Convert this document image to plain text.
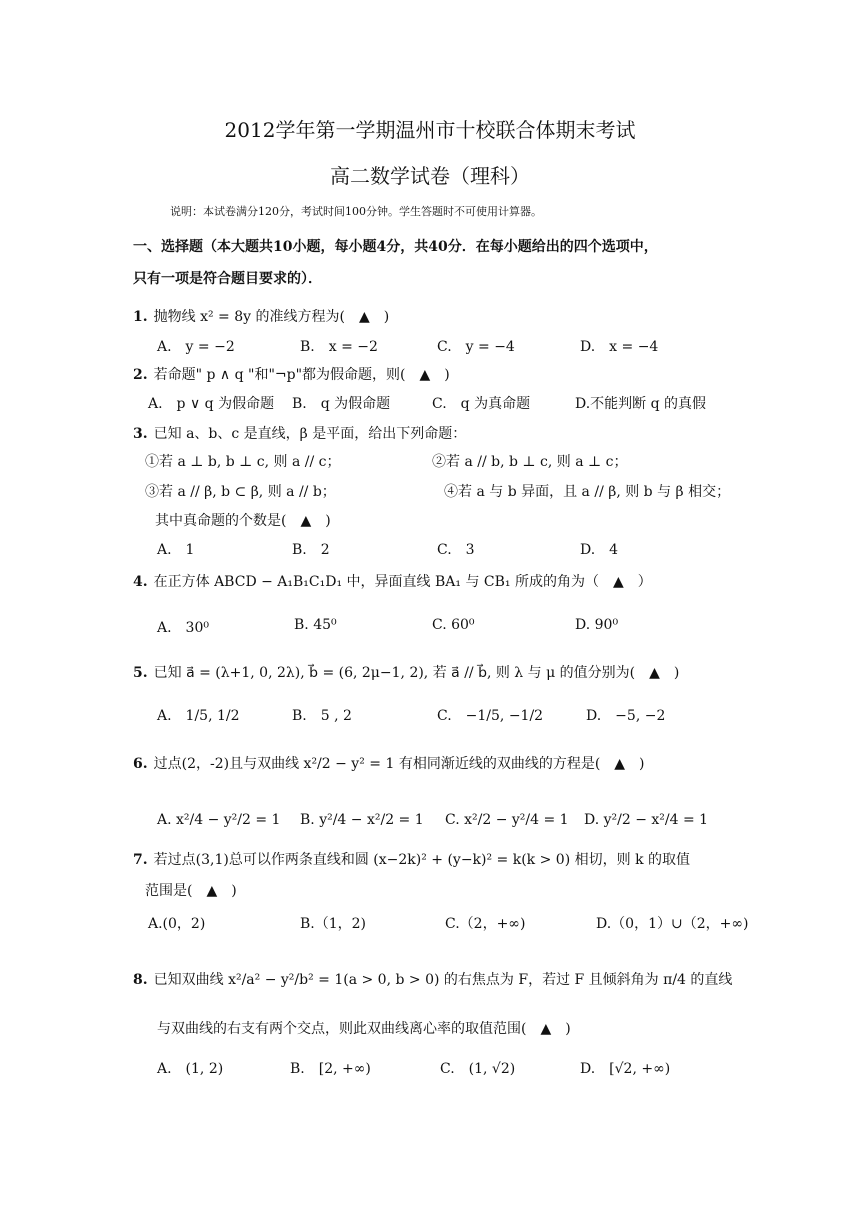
2012学年第一学期温州市十校联合体期末考试
高二数学试卷（理科）
说明：本试卷满分120分，考试时间100分钟。学生答题时不可使用计算器。
一、选择题（本大题共10小题，每小题4分，共40分．在每小题给出的四个选项中，
只有一项是符合题目要求的）．
1. 抛物线 x² = 8y 的准线方程为(　▲　)
A.　y = −2	B.　x = −2	C.　y = −4	D.　x = −4
2. 若命题" p ∧ q "和"¬p"都为假命题，则(　▲　)
A.　p ∨ q 为假命题 B.　q 为假命题	C.　q 为真命题	D.不能判断 q 的真假
3. 已知 a、b、c 是直线，β 是平面，给出下列命题：
①若 a ⊥ b, b ⊥ c, 则 a // c；	②若 a // b, b ⊥ c, 则 a ⊥ c；
③若 a // β, b ⊂ β, 则 a // b；	④若 a 与 b 异面，且 a // β, 则 b 与 β 相交；
其中真命题的个数是(　▲　)
A.　1	B.　2	C.　3	D.　4
4. 在正方体 ABCD − A₁B₁C₁D₁ 中，异面直线 BA₁ 与 CB₁ 所成的角为（　▲　）
A.　30⁰	B. 45⁰	C. 60⁰	D. 90⁰
5. 已知 a⃗ = (λ+1, 0, 2λ), b⃗ = (6, 2μ−1, 2), 若 a⃗ // b⃗, 则 λ 与 μ 的值分别为(　▲　)
A.　1/5, 1/2	B.　5 , 2	C.　−1/5, −1/2	D.　−5, −2
6. 过点(2，-2)且与双曲线 x²/2 − y² = 1 有相同渐近线的双曲线的方程是(　▲　)
A. x²/4 − y²/2 = 1 B. y²/4 − x²/2 = 1 C. x²/2 − y²/4 = 1 D. y²/2 − x²/4 = 1
7. 若过点(3,1)总可以作两条直线和圆 (x−2k)² + (y−k)² = k(k > 0) 相切，则 k 的取值
范围是(　▲　)
A.(0，2)	B.（1，2)	C.（2，+∞)	D.（0，1）∪（2，+∞)
8. 已知双曲线 x²/a² − y²/b² = 1(a > 0, b > 0) 的右焦点为 F，若过 F 且倾斜角为 π/4 的直线
与双曲线的右支有两个交点，则此双曲线离心率的取值范围(　▲　)
A.　(1, 2)	B.　[2, +∞)	C.　(1, √2)	D.　[√2, +∞)
